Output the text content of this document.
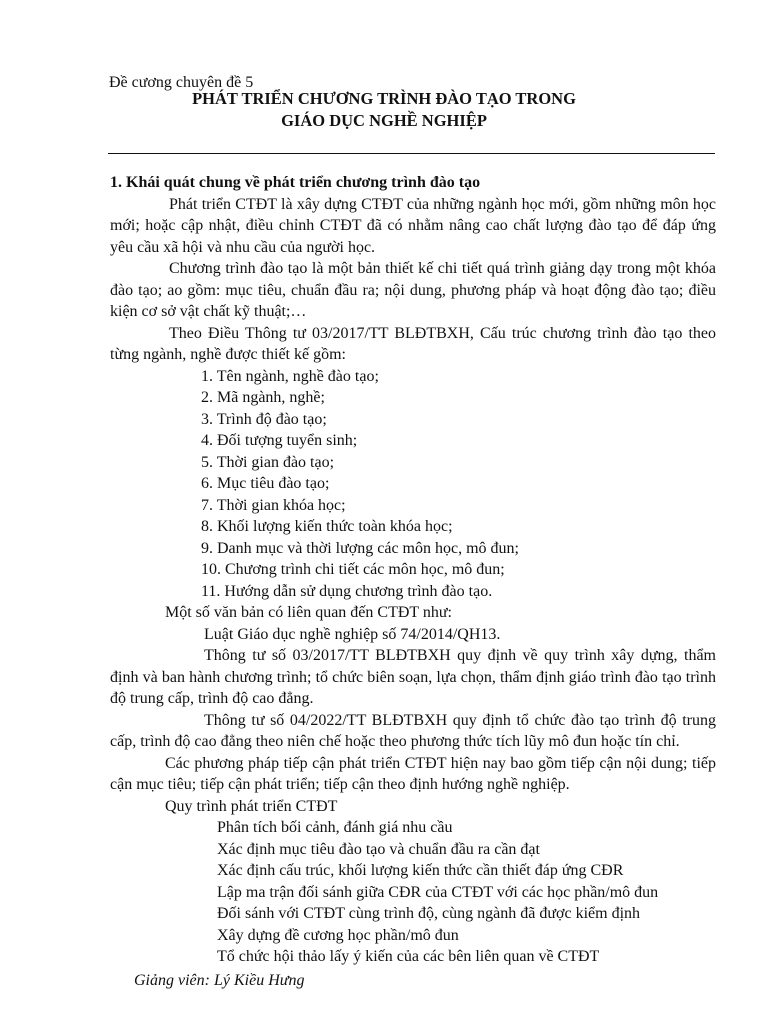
Đề cương chuyên đề 5
PHÁT TRIỂN CHƯƠNG TRÌNH ĐÀO TẠO TRONG
GIÁO DỤC NGHỀ NGHIỆP

1. Khái quát chung về phát triển chương trình đào tạo

Phát triển CTĐT là xây dựng CTĐT của những ngành học mới, gồm những môn học mới; hoặc cập nhật, điều chỉnh CTĐT đã có nhằm nâng cao chất lượng đào tạo để đáp ứng yêu cầu xã hội và nhu cầu của người học.

Chương trình đào tạo là một bản thiết kế chi tiết quá trình giảng dạy trong một khóa đào tạo; ao gồm: mục tiêu, chuẩn đầu ra; nội dung, phương pháp và hoạt động đào tạo; điều kiện cơ sở vật chất kỹ thuật;…

Theo Điều Thông tư 03/2017/TT BLĐTBXH, Cấu trúc chương trình đào tạo theo từng ngành, nghề được thiết kế gồm:

1. Tên ngành, nghề đào tạo;

2. Mã ngành, nghề;

3. Trình độ đào tạo;

4. Đối tượng tuyển sinh;

5. Thời gian đào tạo;

6. Mục tiêu đào tạo;

7. Thời gian khóa học;

8. Khối lượng kiến thức toàn khóa học;

9. Danh mục và thời lượng các môn học, mô đun;

10. Chương trình chi tiết các môn học, mô đun;

11. Hướng dẫn sử dụng chương trình đào tạo.

Một số văn bản có liên quan đến CTĐT như:

Luật Giáo dục nghề nghiệp số 74/2014/QH13.

Thông tư số 03/2017/TT BLĐTBXH quy định về quy trình xây dựng, thẩm định và ban hành chương trình; tổ chức biên soạn, lựa chọn, thẩm định giáo trình đào tạo trình độ trung cấp, trình độ cao đẳng.

Thông tư số 04/2022/TT BLĐTBXH quy định tổ chức đào tạo trình độ trung cấp, trình độ cao đẳng theo niên chế hoặc theo phương thức tích lũy mô đun hoặc tín chỉ.

Các phương pháp tiếp cận phát triển CTĐT hiện nay bao gồm tiếp cận nội dung; tiếp cận mục tiêu; tiếp cận phát triển; tiếp cận theo định hướng nghề nghiệp.

Quy trình phát triển CTĐT

Phân tích bối cảnh, đánh giá nhu cầu

Xác định mục tiêu đào tạo và chuẩn đầu ra cần đạt

Xác định cấu trúc, khối lượng kiến thức cần thiết đáp ứng CĐR

Lập ma trận đối sánh giữa CĐR của CTĐT với các học phần/mô đun

Đối sánh với CTĐT cùng trình độ, cùng ngành đã được kiểm định

Xây dựng đề cương học phần/mô đun

Tổ chức hội thảo lấy ý kiến của các bên liên quan về CTĐT

Giảng viên: Lý Kiều Hưng
